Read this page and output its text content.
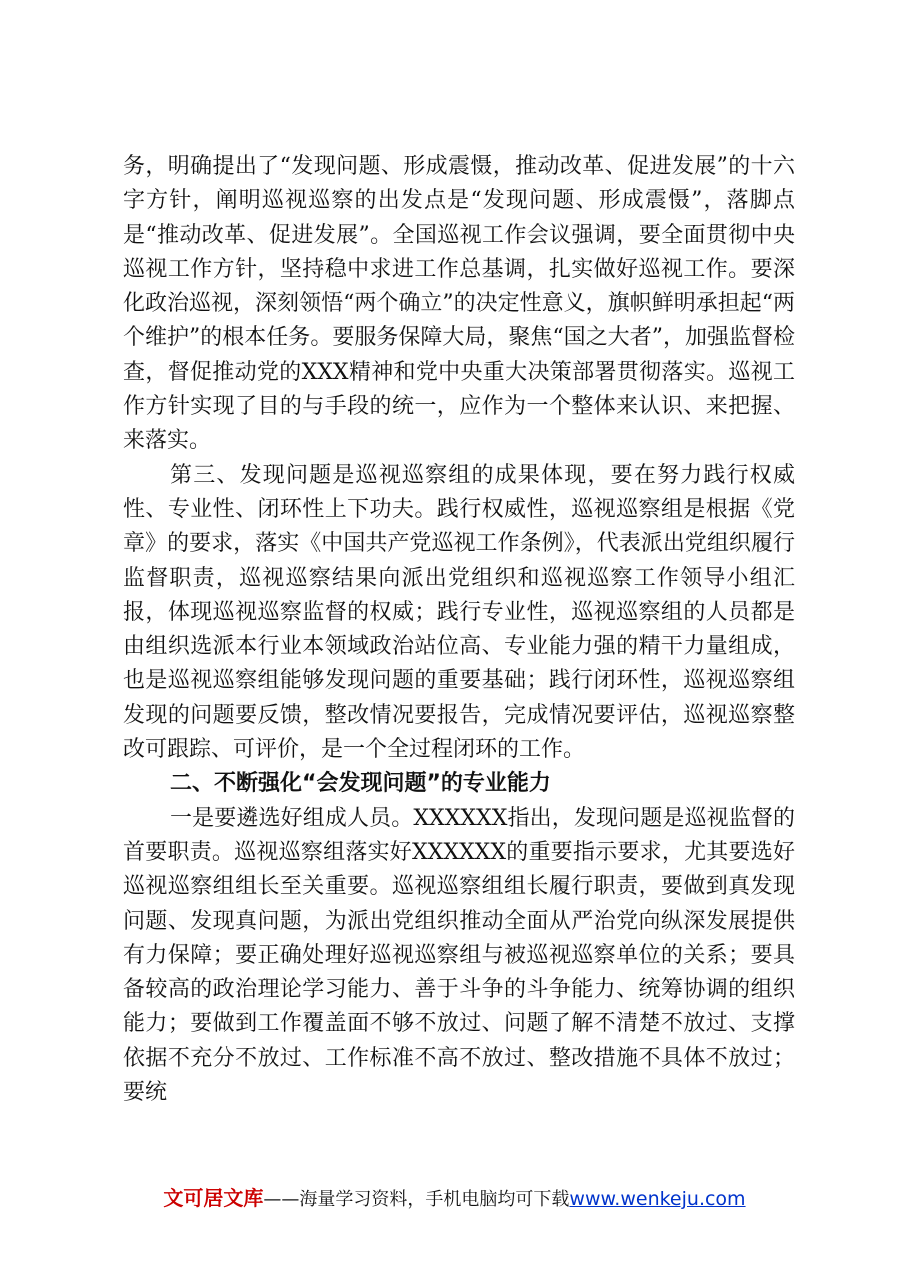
务，明确提出了“发现问题、形成震慑，推动改革、促进发展”的十六字方针，阐明巡视巡察的出发点是“发现问题、形成震慑”，落脚点是“推动改革、促进发展”。全国巡视工作会议强调，要全面贯彻中央巡视工作方针，坚持稳中求进工作总基调，扎实做好巡视工作。要深化政治巡视，深刻领悟“两个确立”的决定性意义，旗帜鲜明承担起“两个维护”的根本任务。要服务保障大局，聚焦“国之大者”，加强监督检查，督促推动党的XXX精神和党中央重大决策部署贯彻落实。巡视工作方针实现了目的与手段的统一，应作为一个整体来认识、来把握、来落实。

第三、发现问题是巡视巡察组的成果体现，要在努力践行权威性、专业性、闭环性上下功夫。践行权威性，巡视巡察组是根据《党章》的要求，落实《中国共产党巡视工作条例》，代表派出党组织履行监督职责，巡视巡察结果向派出党组织和巡视巡察工作领导小组汇报，体现巡视巡察监督的权威；践行专业性，巡视巡察组的人员都是由组织选派本行业本领域政治站位高、专业能力强的精干力量组成，也是巡视巡察组能够发现问题的重要基础；践行闭环性，巡视巡察组发现的问题要反馈，整改情况要报告，完成情况要评估，巡视巡察整改可跟踪、可评价，是一个全过程闭环的工作。

二、不断强化“会发现问题”的专业能力

一是要遴选好组成人员。XXXXXX指出，发现问题是巡视监督的首要职责。巡视巡察组落实好XXXXXX的重要指示要求，尤其要选好巡视巡察组组长至关重要。巡视巡察组组长履行职责，要做到真发现问题、发现真问题，为派出党组织推动全面从严治党向纵深发展提供有力保障；要正确处理好巡视巡察组与被巡视巡察单位的关系；要具备较高的政治理论学习能力、善于斗争的斗争能力、统筹协调的组织能力；要做到工作覆盖面不够不放过、问题了解不清楚不放过、支撑依据不充分不放过、工作标准不高不放过、整改措施不具体不放过；要统

文可居文库——海量学习资料，手机电脑均可下载www.wenkeju.com
